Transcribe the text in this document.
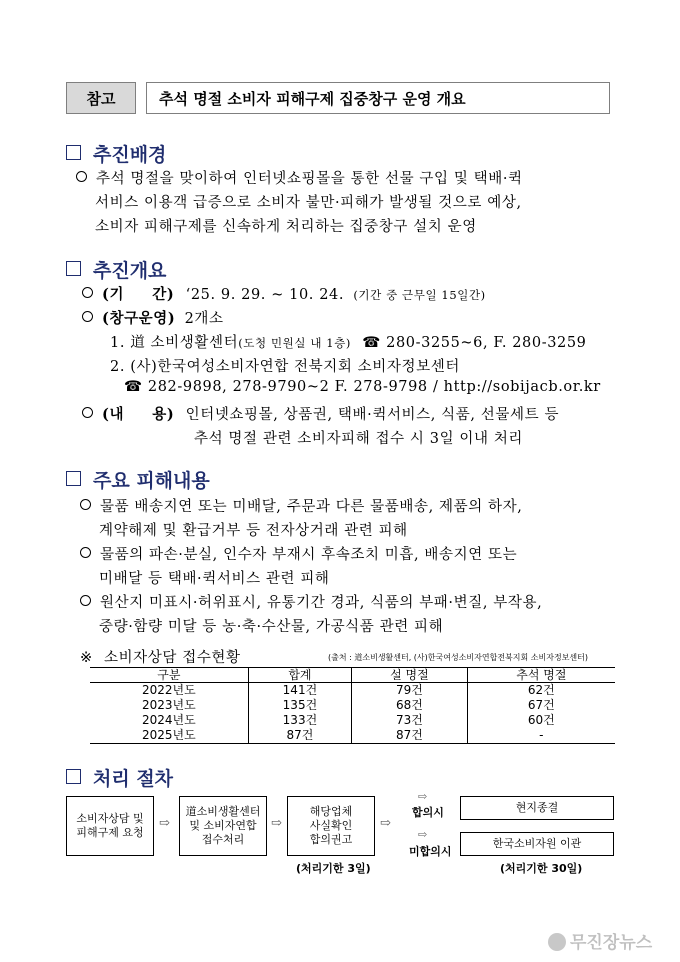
참고	추석 명절 소비자 피해구제 집중창구 운영 개요
추진배경
추석 명절을 맞이하여 인터넷쇼핑몰을 통한 선물 구입 및 택배·퀵
서비스 이용객 급증으로 소비자 불만·피해가 발생될 것으로 예상,
소비자 피해구제를 신속하게 처리하는 집중창구 설치 운영
추진개요
(기     간) ‘25. 9. 29. ~ 10. 24. (기간 중 근무일 15일간)
(창구운영) 2개소
1. 道 소비생활센터(도청 민원실 내 1층) ☎ 280-3255~6, F. 280-3259
2. (사)한국여성소비자연합 전북지회 소비자정보센터
☎ 282-9898, 278-9790~2 F. 278-9798 / http://sobijacb.or.kr
(내     용) 인터넷쇼핑몰, 상품권, 택배·퀵서비스, 식품, 선물세트 등
추석 명절 관련 소비자피해 접수 시 3일 이내 처리
주요 피해내용
물품 배송지연 또는 미배달, 주문과 다른 물품배송, 제품의 하자,
계약해제 및 환급거부 등 전자상거래 관련 피해
물품의 파손·분실, 인수자 부재시 후속조치 미흡, 배송지연 또는
미배달 등 택배·퀵서비스 관련 피해
원산지 미표시·허위표시, 유통기간 경과, 식품의 부패·변질, 부작용,
중량·함량 미달 등 농·축·수산물, 가공식품 관련 피해
※ 소비자상담 접수현황	(출처 : 道소비생활센터, (사)한국여성소비자연합전북지회 소비자정보센터)
구분	합계	설 명절	추석 명절
2022년도	141건	79건	62건
2023년도	135건	68건	67건
2024년도	133건	73건	60건
2025년도	87건	87건	-
처리 절차
소비자상담 및
피해구제 요청
⇨
道소비생활센터
및 소비자연합
접수처리
⇨
해당업체
사실확인
합의권고
⇨
⇨
합의시	현지종결
⇨
미합의시
한국소비자원 이관
(처리기한 3일)	(처리기한 30일)
무진장뉴스
